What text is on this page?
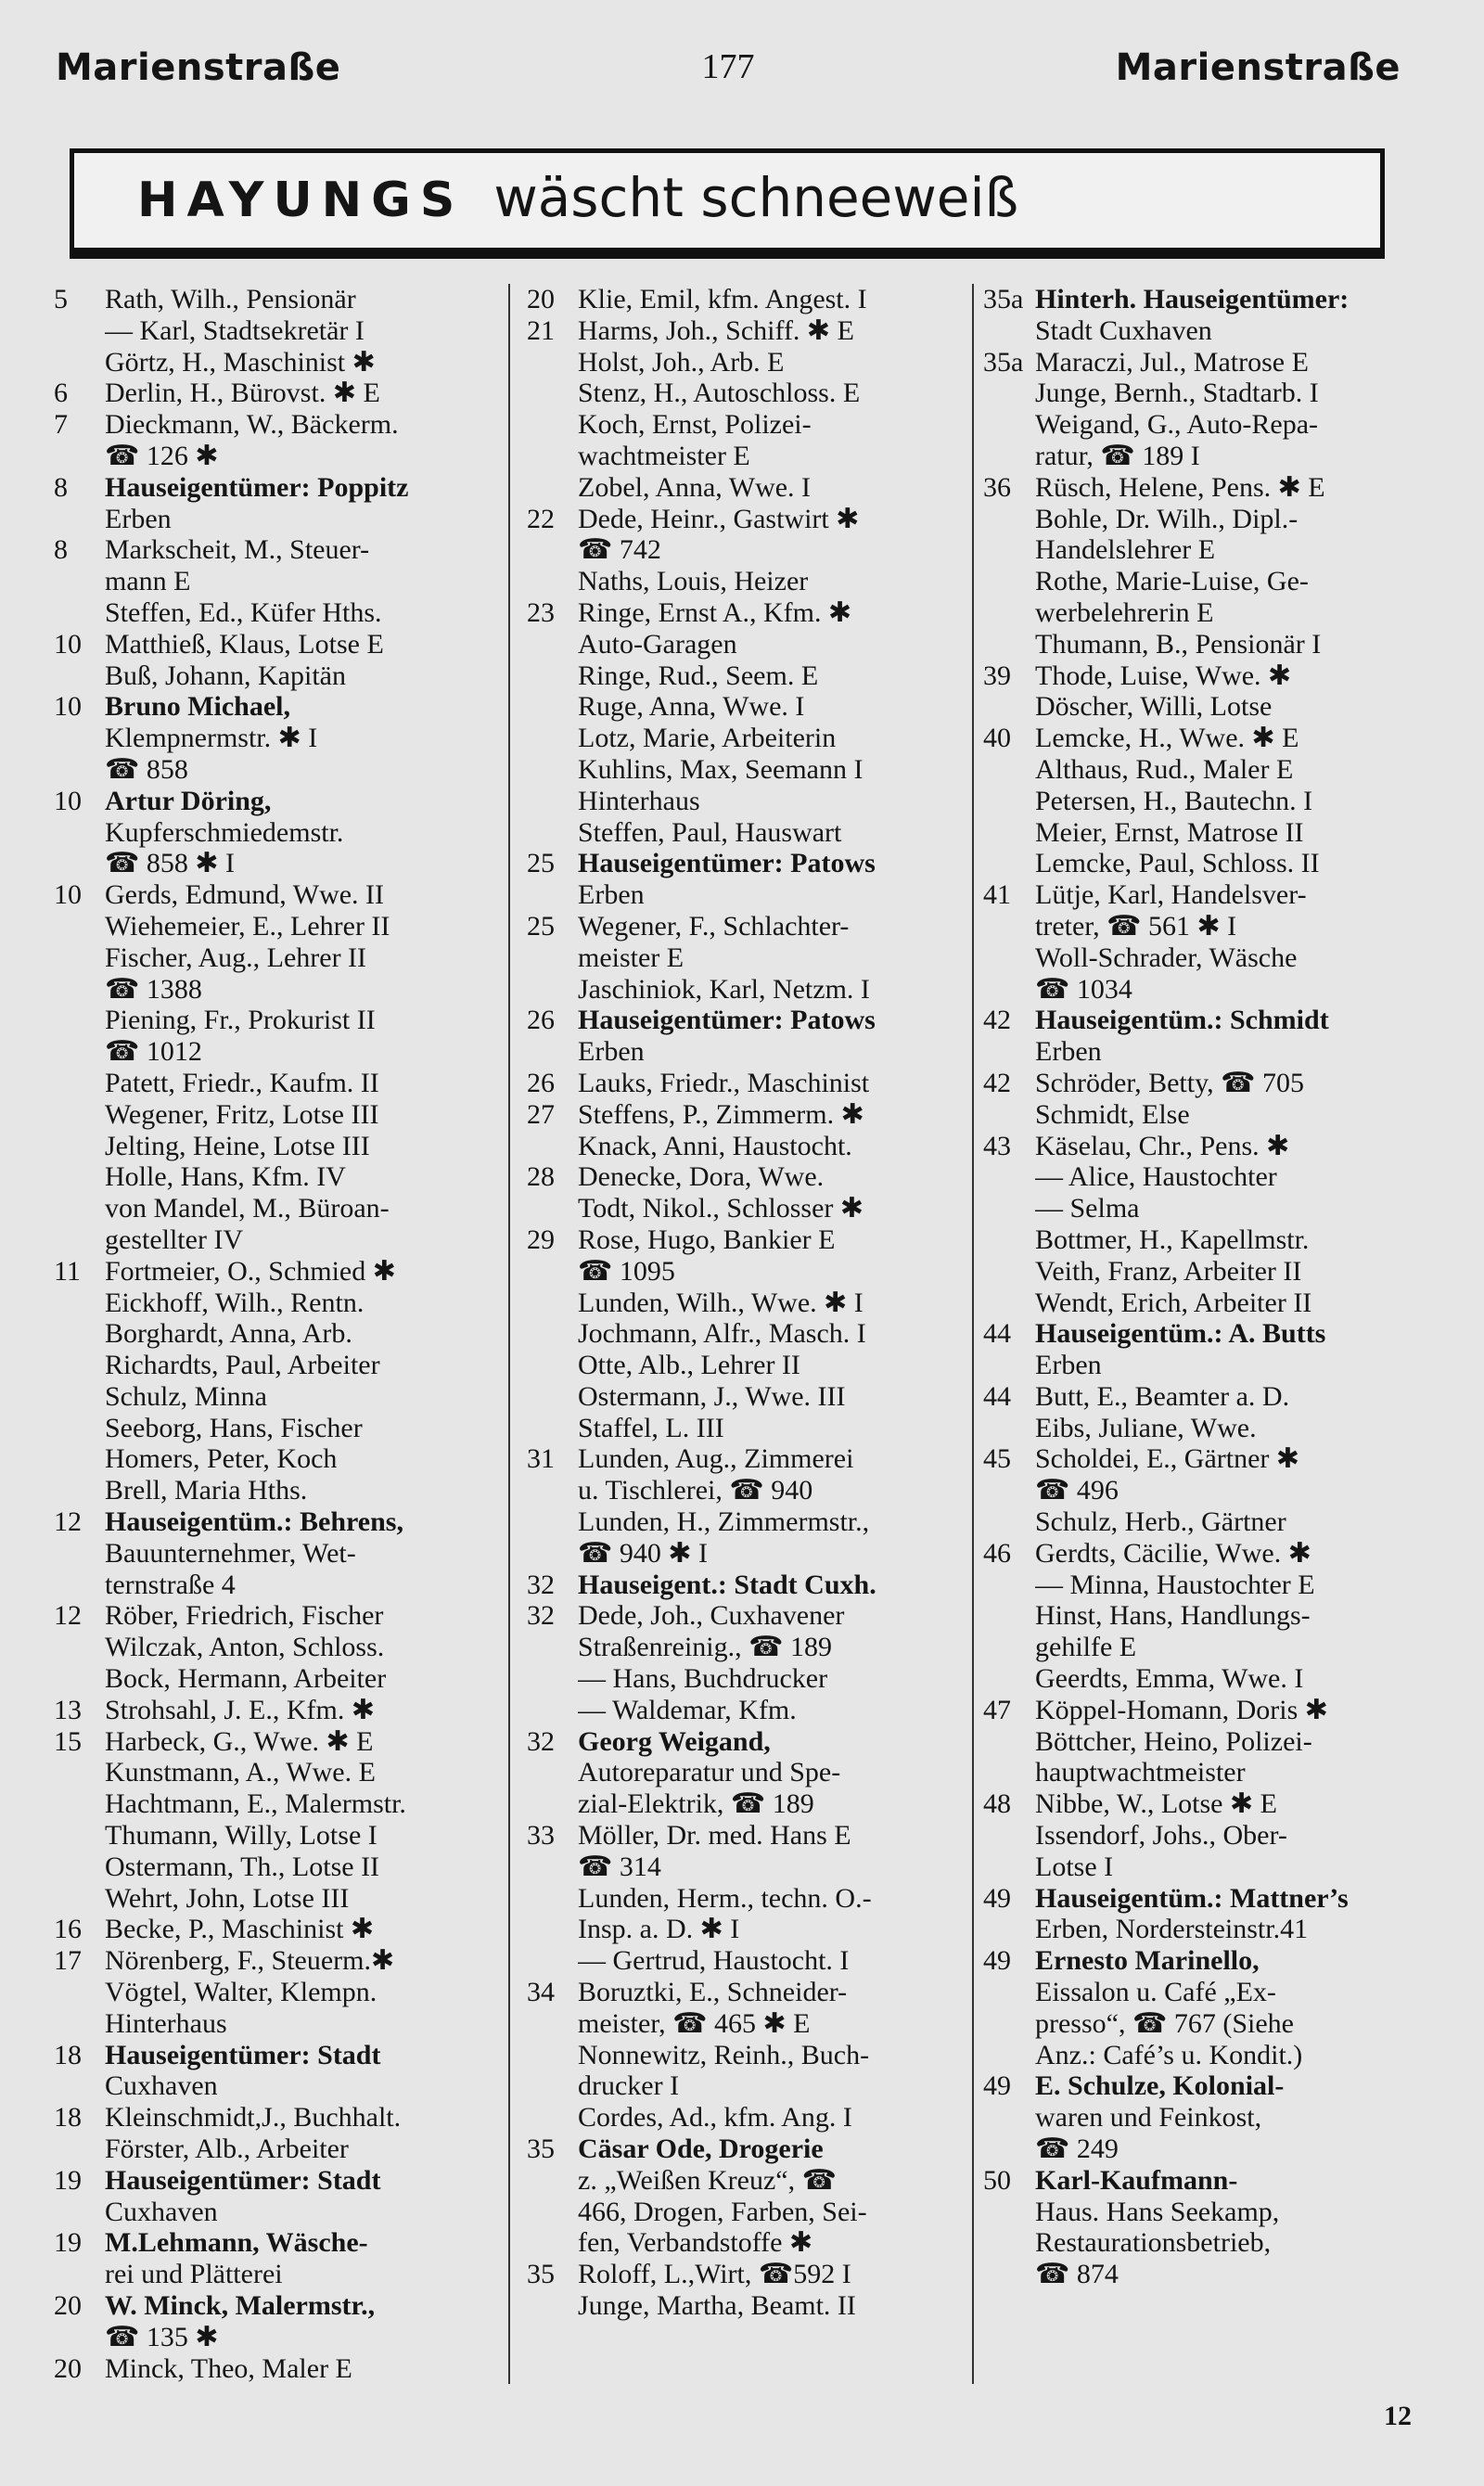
Marienstraße	177	Marienstraße
HAYUNGS wäscht schneeweiß
5	Rath, Wilh., Pensionär
— Karl, Stadtsekretär I
Görtz, H., Maschinist ✱
6	Derlin, H., Bürovst. ✱ E
7	Dieckmann, W., Bäckerm.
☎ 126 ✱
8	Hauseigentümer: Poppitz
Erben
8	Markscheit, M., Steuer-
mann E
Steffen, Ed., Küfer Hths.
10 Matthieß, Klaus, Lotse E
Buß, Johann, Kapitän
10 Bruno Michael,
Klempnermstr. ✱ I
☎ 858
10 Artur Döring,
Kupferschmiedemstr.
☎ 858 ✱ I
10 Gerds, Edmund, Wwe. II
Wiehemeier, E., Lehrer II
Fischer, Aug., Lehrer II
☎ 1388
Piening, Fr., Prokurist II
☎ 1012
Patett, Friedr., Kaufm. II
Wegener, Fritz, Lotse III
Jelting, Heine, Lotse III
Holle, Hans, Kfm. IV
von Mandel, M., Büroan-
gestellter IV
11 Fortmeier, O., Schmied ✱
Eickhoff, Wilh., Rentn.
Borghardt, Anna, Arb.
Richardts, Paul, Arbeiter
Schulz, Minna
Seeborg, Hans, Fischer
Homers, Peter, Koch
Brell, Maria Hths.
12 Hauseigentüm.: Behrens,
Bauunternehmer, Wet-
ternstraße 4
12 Röber, Friedrich, Fischer
Wilczak, Anton, Schloss.
Bock, Hermann, Arbeiter
13 Strohsahl, J. E., Kfm. ✱
15 Harbeck, G., Wwe. ✱ E
Kunstmann, A., Wwe. E
Hachtmann, E., Malermstr.
Thumann, Willy, Lotse I
Ostermann, Th., Lotse II
Wehrt, John, Lotse III
16 Becke, P., Maschinist ✱
17 Nörenberg, F., Steuerm.✱
Vögtel, Walter, Klempn.
Hinterhaus
18 Hauseigentümer: Stadt
Cuxhaven
18 Kleinschmidt,J., Buchhalt.
Förster, Alb., Arbeiter
19 Hauseigentümer: Stadt
Cuxhaven
19 M.Lehmann, Wäsche-
rei und Plätterei
20 W. Minck, Malermstr.,
☎ 135 ✱
20 Minck, Theo, Maler E
20 Klie, Emil, kfm. Angest. I
21 Harms, Joh., Schiff. ✱ E
Holst, Joh., Arb. E
Stenz, H., Autoschloss. E
Koch, Ernst, Polizei-
wachtmeister E
Zobel, Anna, Wwe. I
22 Dede, Heinr., Gastwirt ✱
☎ 742
Naths, Louis, Heizer
23 Ringe, Ernst A., Kfm. ✱
Auto-Garagen
Ringe, Rud., Seem. E
Ruge, Anna, Wwe. I
Lotz, Marie, Arbeiterin
Kuhlins, Max, Seemann I
Hinterhaus
Steffen, Paul, Hauswart
25 Hauseigentümer: Patows
Erben
25 Wegener, F., Schlachter-
meister E
Jaschiniok, Karl, Netzm. I
26 Hauseigentümer: Patows
Erben
26 Lauks, Friedr., Maschinist
27 Steffens, P., Zimmerm. ✱
Knack, Anni, Haustocht.
28 Denecke, Dora, Wwe.
Todt, Nikol., Schlosser ✱
29 Rose, Hugo, Bankier E
☎ 1095
Lunden, Wilh., Wwe. ✱ I
Jochmann, Alfr., Masch. I
Otte, Alb., Lehrer II
Ostermann, J., Wwe. III
Staffel, L. III
31 Lunden, Aug., Zimmerei
u. Tischlerei, ☎ 940
Lunden, H., Zimmermstr.,
☎ 940 ✱ I
32 Hauseigent.: Stadt Cuxh.
32 Dede, Joh., Cuxhavener
Straßenreinig., ☎ 189
— Hans, Buchdrucker
— Waldemar, Kfm.
32 Georg Weigand,
Autoreparatur und Spe-
zial-Elektrik, ☎ 189
33 Möller, Dr. med. Hans E
☎ 314
Lunden, Herm., techn. O.-
Insp. a. D. ✱ I
— Gertrud, Haustocht. I
34 Boruztki, E., Schneider-
meister, ☎ 465 ✱ E
Nonnewitz, Reinh., Buch-
drucker I
Cordes, Ad., kfm. Ang. I
35 Cäsar Ode, Drogerie
z. „Weißen Kreuz“, ☎
466, Drogen, Farben, Sei-
fen, Verbandstoffe ✱
35 Roloff, L.,Wirt, ☎592 I
Junge, Martha, Beamt. II
35a Hinterh. Hauseigentümer:
Stadt Cuxhaven
35a Maraczi, Jul., Matrose E
Junge, Bernh., Stadtarb. I
Weigand, G., Auto-Repa-
ratur, ☎ 189 I
36 Rüsch, Helene, Pens. ✱ E
Bohle, Dr. Wilh., Dipl.-
Handelslehrer E
Rothe, Marie-Luise, Ge-
werbelehrerin E
Thumann, B., Pensionär I
39 Thode, Luise, Wwe. ✱
Döscher, Willi, Lotse
40 Lemcke, H., Wwe. ✱ E
Althaus, Rud., Maler E
Petersen, H., Bautechn. I
Meier, Ernst, Matrose II
Lemcke, Paul, Schloss. II
41 Lütje, Karl, Handelsver-
treter, ☎ 561 ✱ I
Woll-Schrader, Wäsche
☎ 1034
42 Hauseigentüm.: Schmidt
Erben
42 Schröder, Betty, ☎ 705
Schmidt, Else
43 Käselau, Chr., Pens. ✱
— Alice, Haustochter
— Selma
Bottmer, H., Kapellmstr.
Veith, Franz, Arbeiter II
Wendt, Erich, Arbeiter II
44 Hauseigentüm.: A. Butts
Erben
44 Butt, E., Beamter a. D.
Eibs, Juliane, Wwe.
45 Scholdei, E., Gärtner ✱
☎ 496
Schulz, Herb., Gärtner
46 Gerdts, Cäcilie, Wwe. ✱
— Minna, Haustochter E
Hinst, Hans, Handlungs-
gehilfe E
Geerdts, Emma, Wwe. I
47 Köppel-Homann, Doris ✱
Böttcher, Heino, Polizei-
hauptwachtmeister
48 Nibbe, W., Lotse ✱ E
Issendorf, Johs., Ober-
Lotse I
49 Hauseigentüm.: Mattner’s
Erben, Nordersteinstr.41
49 Ernesto Marinello,
Eissalon u. Café „Ex-
presso“, ☎ 767 (Siehe
Anz.: Café’s u. Kondit.)
49 E. Schulze, Kolonial-
waren und Feinkost,
☎ 249
50 Karl-Kaufmann-
Haus. Hans Seekamp,
Restaurationsbetrieb,
☎ 874
12
